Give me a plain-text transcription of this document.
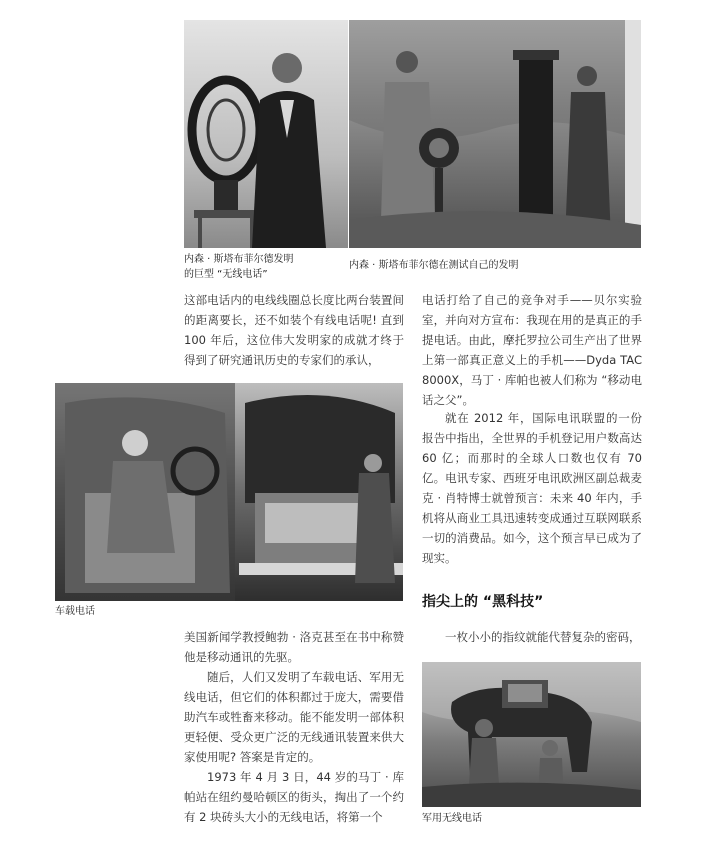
内森 · 斯塔布菲尔德发明
的巨型 “无线电话”
内森 · 斯塔布菲尔德在测试自己的发明

这部电话内的电线线圈总长度比两台装置间的距离要长，还不如装个有线电话呢! 直到 100 年后，这位伟大发明家的成就才终于得到了研究通讯历史的专家们的承认，

电话打给了自己的竞争对手——贝尔实验室，并向对方宣布：我现在用的是真正的手提电话。由此，摩托罗拉公司生产出了世界上第一部真正意义上的手机——Dyda TAC 8000X，马丁 · 库帕也被人们称为 “移动电话之父”。

就在 2012 年，国际电讯联盟的一份报告中指出，全世界的手机登记用户数高达 60 亿；而那时的全球人口数也仅有 70 亿。电讯专家、西班牙电讯欧洲区副总裁麦克 · 肖特博士就曾预言：未来 40 年内，手机将从商业工具迅速转变成通过互联网联系一切的消费品。如今，这个预言早已成为了现实。

车载电话
指尖上的 “黑科技”

美国新闻学教授鲍勃 · 洛克甚至在书中称赞他是移动通讯的先驱。

随后，人们又发明了车载电话、军用无线电话，但它们的体积都过于庞大，需要借助汽车或牲畜来移动。能不能发明一部体积更轻便、受众更广泛的无线通讯装置来供大家使用呢? 答案是肯定的。

1973 年 4 月 3 日，44 岁的马丁 · 库帕站在纽约曼哈顿区的街头，掏出了一个约有 2 块砖头大小的无线电话，将第一个

一枚小小的指纹就能代替复杂的密码，

军用无线电话
